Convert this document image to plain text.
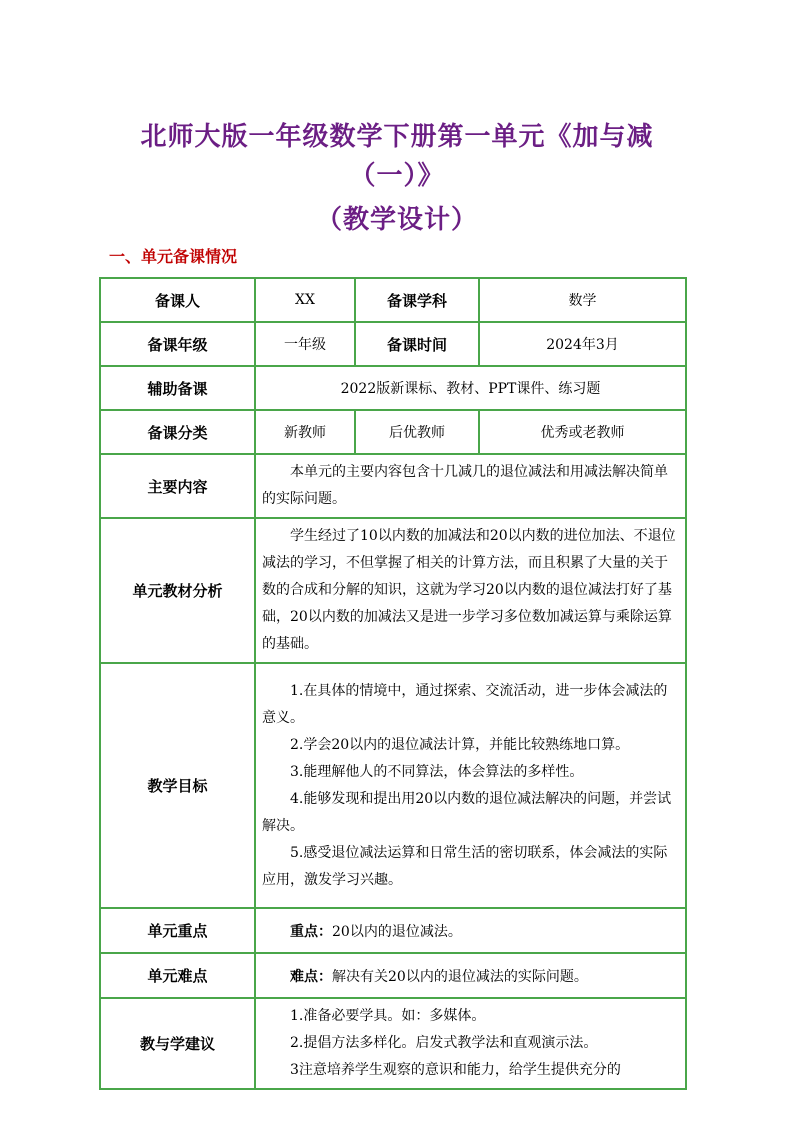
北师大版一年级数学下册第一单元《加与减
（一）》
（教学设计）
一、单元备课情况
备课人	XX	备课学科	数学
备课年级	一年级	备课时间	2024年3月
辅助备课	2022版新课标、教材、PPT课件、练习题		
备课分类	新教师	后优教师	优秀或老教师
主要内容	本单元的主要内容包含十几减几的退位减法和用减法解决简单的实际问题。		

单元教材分析	学生经过了10以内数的加减法和20以内数的进位加法、不退位减法的学习，不但掌握了相关的计算方法，而且积累了大量的关于数的合成和分解的知识，这就为学习20以内数的退位减法打好了基础，20以内数的加减法又是进一步学习多位数加减运算与乘除运算的基础。		

教学目标	1.在具体的情境中，通过探索、交流活动，进一步体会减法的意义。
2.学会20以内的退位减法计算，并能比较熟练地口算。
3.能理解他人的不同算法，体会算法的多样性。
4.能够发现和提出用20以内数的退位减法解决的问题，并尝试解决。
5.感受退位减法运算和日常生活的密切联系，体会减法的实际应用，激发学习兴趣。		

单元重点	重点：20以内的退位减法。		

单元难点	难点：解决有关20以内的退位减法的实际问题。		

教与学建议	1.准备必要学具。如：多媒体。
2.提倡方法多样化。启发式教学法和直观演示法。
3注意培养学生观察的意识和能力，给学生提供充分的		
